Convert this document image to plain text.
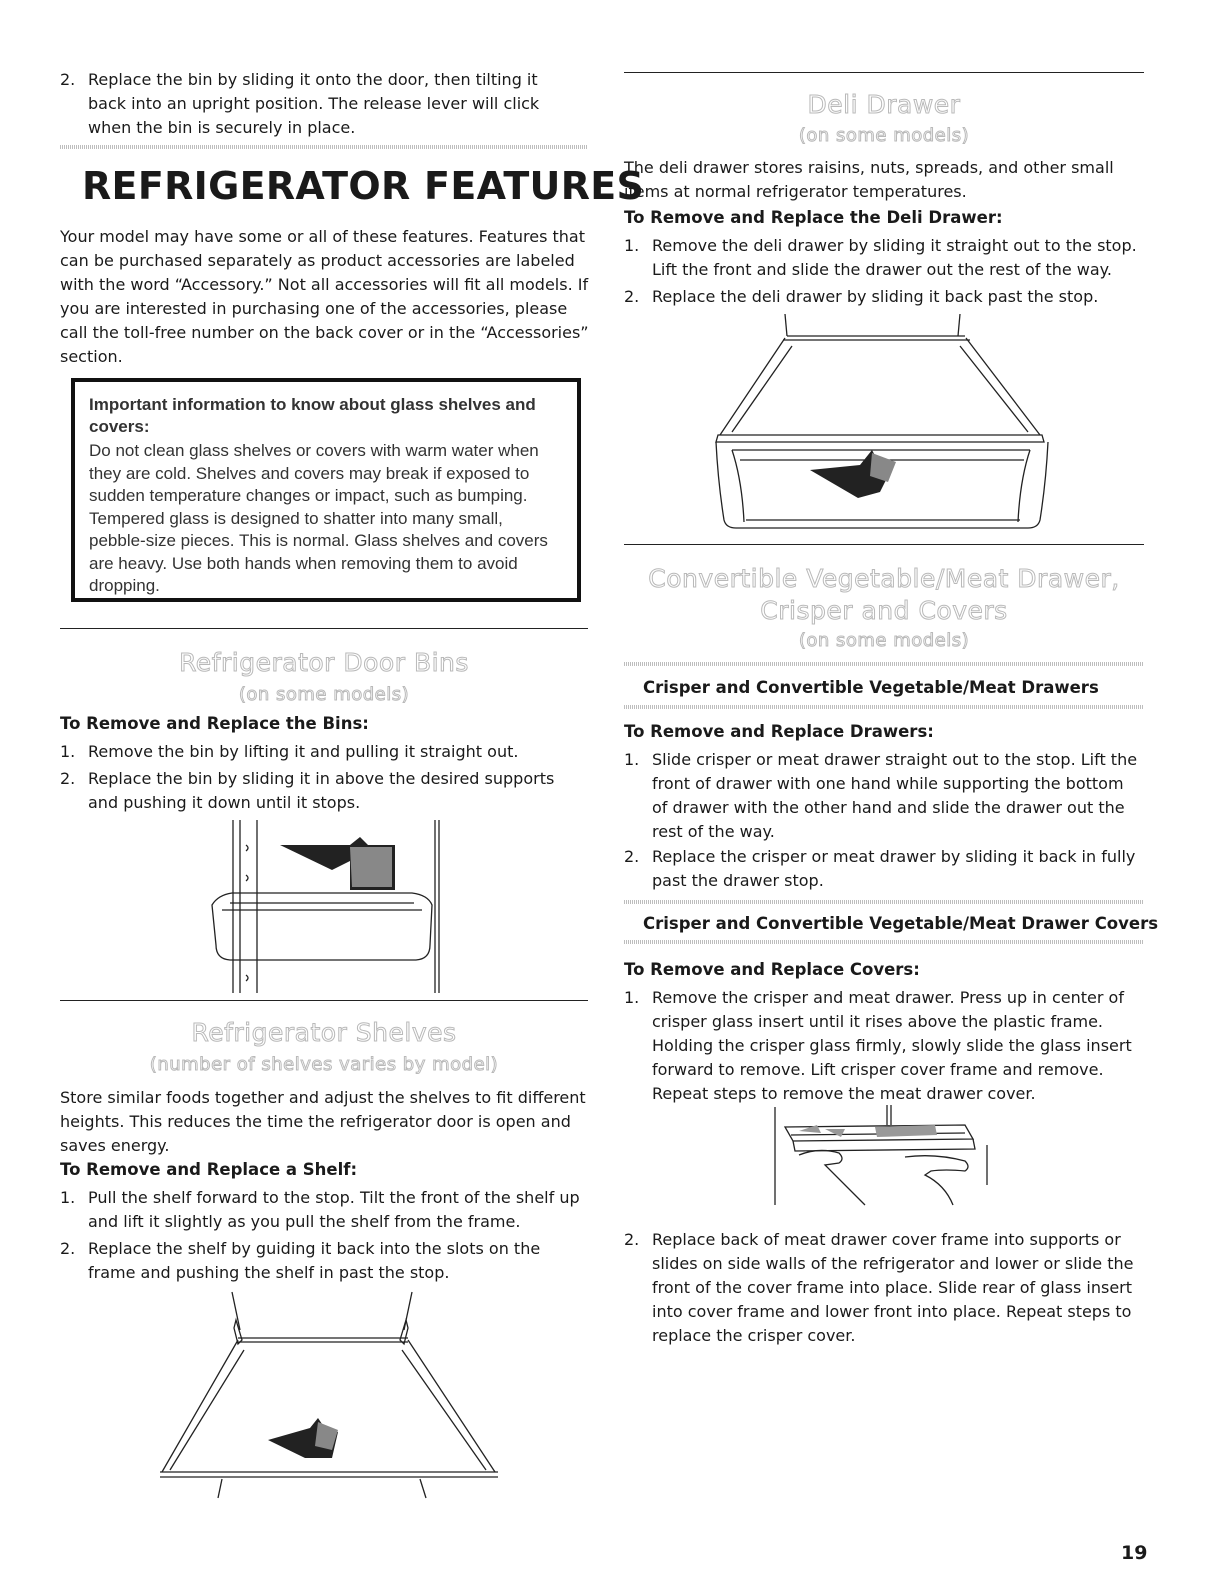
2. Replace the bin by sliding it onto the door, then tilting it back into an upright position. The release lever will click when the bin is securely in place.
REFRIGERATOR FEATURES

Your model may have some or all of these features. Features that can be purchased separately as product accessories are labeled with the word “Accessory.” Not all accessories will fit all models. If you are interested in purchasing one of the accessories, please call the toll-free number on the back cover or in the “Accessories” section.

Important information to know about glass shelves and covers:
Do not clean glass shelves or covers with warm water when they are cold. Shelves and covers may break if exposed to sudden temperature changes or impact, such as bumping. Tempered glass is designed to shatter into many small, pebble-size pieces. This is normal. Glass shelves and covers are heavy. Use both hands when removing them to avoid dropping.
Refrigerator Door Bins
(on some models)
To Remove and Replace the Bins:
1. Remove the bin by lifting it and pulling it straight out.
2. Replace the bin by sliding it in above the desired supports and pushing it down until it stops.
Refrigerator Shelves
(number of shelves varies by model)

Store similar foods together and adjust the shelves to fit different heights. This reduces the time the refrigerator door is open and saves energy.

To Remove and Replace a Shelf:
1. Pull the shelf forward to the stop. Tilt the front of the shelf up and lift it slightly as you pull the shelf from the frame.
2. Replace the shelf by guiding it back into the slots on the frame and pushing the shelf in past the stop.
Deli Drawer
(on some models)

The deli drawer stores raisins, nuts, spreads, and other small items at normal refrigerator temperatures.

To Remove and Replace the Deli Drawer:
1. Remove the deli drawer by sliding it straight out to the stop. Lift the front and slide the drawer out the rest of the way.
2. Replace the deli drawer by sliding it back past the stop.
Convertible Vegetable/Meat Drawer,
Crisper and Covers
(on some models)
Crisper and Convertible Vegetable/Meat Drawers
To Remove and Replace Drawers:
1. Slide crisper or meat drawer straight out to the stop. Lift the front of drawer with one hand while supporting the bottom of drawer with the other hand and slide the drawer out the rest of the way.
2. Replace the crisper or meat drawer by sliding it back in fully past the drawer stop.
Crisper and Convertible Vegetable/Meat Drawer Covers
To Remove and Replace Covers:
1. Remove the crisper and meat drawer. Press up in center of crisper glass insert until it rises above the plastic frame. Holding the crisper glass firmly, slowly slide the glass insert forward to remove. Lift crisper cover frame and remove. Repeat steps to remove the meat drawer cover.
2. Replace back of meat drawer cover frame into supports or slides on side walls of the refrigerator and lower or slide the front of the cover frame into place. Slide rear of glass insert into cover frame and lower front into place. Repeat steps to replace the crisper cover.
19
